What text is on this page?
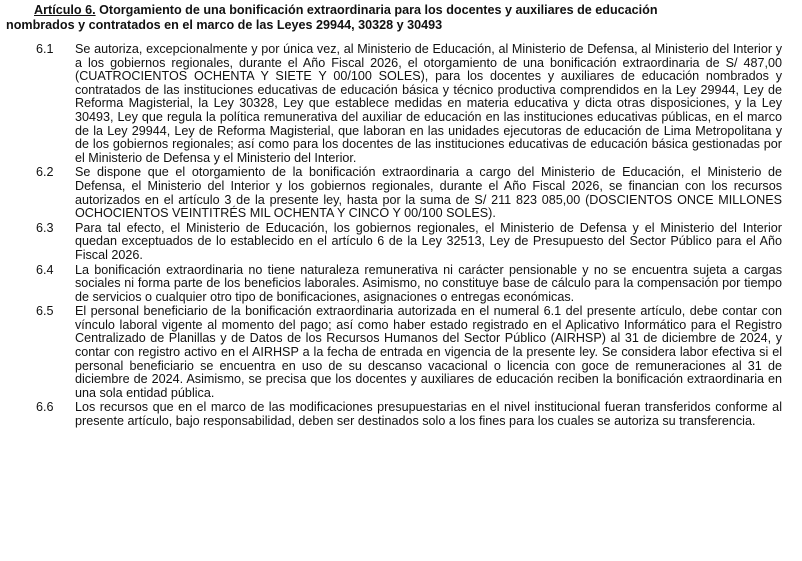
Artículo 6. Otorgamiento de una bonificación extraordinaria para los docentes y auxiliares de educación
nombrados y contratados en el marco de las Leyes 29944, 30328 y 30493
6.1	Se autoriza, excepcionalmente y por única vez, al Ministerio de Educación, al Ministerio de Defensa, al Ministerio del Interior y a los gobiernos regionales, durante el Año Fiscal 2026, el otorgamiento de una bonificación extraordinaria de S/ 487,00 (CUATROCIENTOS OCHENTA Y SIETE Y 00/100 SOLES), para los docentes y auxiliares de educación nombrados y contratados de las instituciones educativas de educación básica y técnico productiva comprendidos en la Ley 29944, Ley de Reforma Magisterial, la Ley 30328, Ley que establece medidas en materia educativa y dicta otras disposiciones, y la Ley 30493, Ley que regula la política remunerativa del auxiliar de educación en las instituciones educativas públicas, en el marco de la Ley 29944, Ley de Reforma Magisterial, que laboran en las unidades ejecutoras de educación de Lima Metropolitana y de los gobiernos regionales; así como para los docentes de las instituciones educativas de educación básica gestionadas por el Ministerio de Defensa y el Ministerio del Interior.
6.2	Se dispone que el otorgamiento de la bonificación extraordinaria a cargo del Ministerio de Educación, el Ministerio de Defensa, el Ministerio del Interior y los gobiernos regionales, durante el Año Fiscal 2026, se financian con los recursos autorizados en el artículo 3 de la presente ley, hasta por la suma de S/ 211 823 085,00 (DOSCIENTOS ONCE MILLONES OCHOCIENTOS VEINTITRÉS MIL OCHENTA Y CINCO Y 00/100 SOLES).
6.3	Para tal efecto, el Ministerio de Educación, los gobiernos regionales, el Ministerio de Defensa y el Ministerio del Interior quedan exceptuados de lo establecido en el artículo 6 de la Ley 32513, Ley de Presupuesto del Sector Público para el Año Fiscal 2026.
6.4	La bonificación extraordinaria no tiene naturaleza remunerativa ni carácter pensionable y no se encuentra sujeta a cargas sociales ni forma parte de los beneficios laborales. Asimismo, no constituye base de cálculo para la compensación por tiempo de servicios o cualquier otro tipo de bonificaciones, asignaciones o entregas económicas.
6.5	El personal beneficiario de la bonificación extraordinaria autorizada en el numeral 6.1 del presente artículo, debe contar con vínculo laboral vigente al momento del pago; así como haber estado registrado en el Aplicativo Informático para el Registro Centralizado de Planillas y de Datos de los Recursos Humanos del Sector Público (AIRHSP) al 31 de diciembre de 2024, y contar con registro activo en el AIRHSP a la fecha de entrada en vigencia de la presente ley. Se considera labor efectiva si el personal beneficiario se encuentra en uso de su descanso vacacional o licencia con goce de remuneraciones al 31 de diciembre de 2024. Asimismo, se precisa que los docentes y auxiliares de educación reciben la bonificación extraordinaria en una sola entidad pública.
6.6	Los recursos que en el marco de las modificaciones presupuestarias en el nivel institucional fueran transferidos conforme al presente artículo, bajo responsabilidad, deben ser destinados solo a los fines para los cuales se autoriza su transferencia.
